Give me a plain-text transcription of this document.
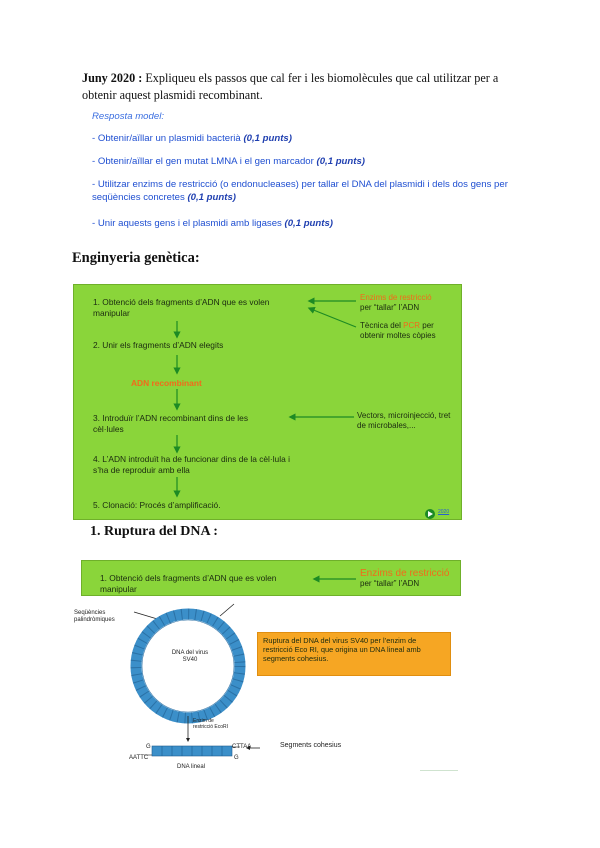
Juny 2020 : Expliqueu els passos que cal fer i les biomolècules que cal utilitzar per a obtenir aquest plasmidi recombinant.
Resposta model:
- Obtenir/aïllar un plasmidi bacterià (0,1 punts)
- Obtenir/aïllar el gen mutat LMNA i el gen marcador (0,1 punts)
- Utilitzar enzims de restricció (o endonucleases) per tallar el DNA del plasmidi i dels dos gens per seqüències concretes (0,1 punts)
- Unir aquests gens i el plasmidi amb ligases (0,1 punts)
Enginyeria genètica:
1. Obtenció dels fragments d’ADN que es volen manipular
2. Unir els fragments d’ADN elegits
ADN recombinant
3. Introduïr l’ADN recombinant dins de les cèl·lules
4. L’ADN introduït ha de funcionar dins de la cèl·lula i s’ha de reproduir amb ella
5. Clonació: Procés d’amplificació.
Enzims de restricció
per “tallar” l’ADN
Tècnica del PCR per obtenir moltes còpies
Vectors, microinjecció, tret de microbales,...
2020
1. Ruptura del DNA :
1. Obtenció dels fragments d’ADN que es volen manipular
Enzims de restricció
per “tallar” l’ADN
Seqüències palindròmiques
DNA del virus SV40
Ruptura del DNA del virus SV40 per l’enzim de restricció Eco RI, que origina un DNA lineal amb segments cohesius.
Enzim de restricció EcoRI
G
AATTC
CTTAA
G
Segments cohesius
DNA lineal
